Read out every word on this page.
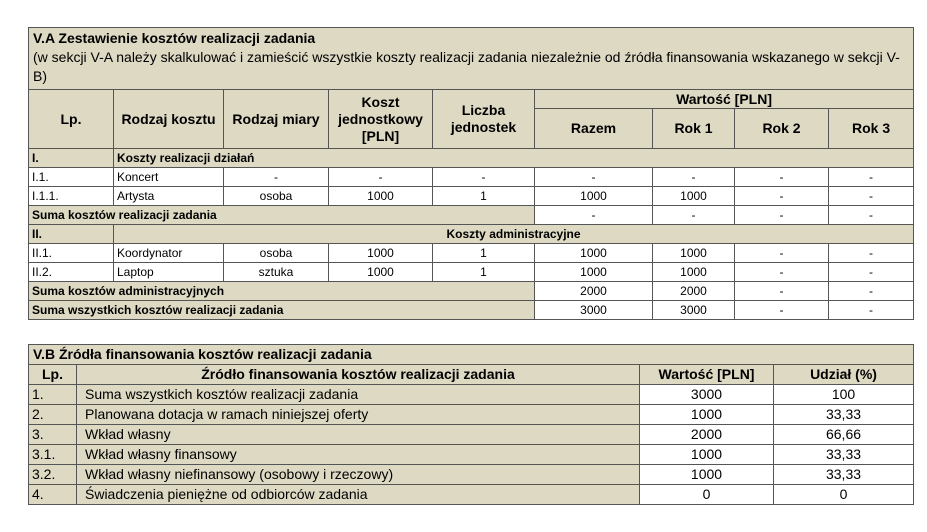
V.A Zestawienie kosztów realizacji zadania
(w sekcji V-A należy skalkulować i zamieścić wszystkie koszty realizacji zadania niezależnie od źródła finansowania wskazanego w sekcji V-B)								

Lp.	Rodzaj kosztu	Rodzaj miary	Koszt jednostkowy [PLN]	Liczba jednostek	Wartość [PLN]			
					Razem	Rok 1	Rok 2	Rok 3
I.	Koszty realizacji działań							
I.1.	Koncert	-	-	-	-	-	-	-
I.1.1.	Artysta	osoba	1000	1	1000	1000	-	-
Suma kosztów realizacji zadania					-	-	-	-
II.	Koszty administracyjne							
II.1.	Koordynator	osoba	1000	1	1000	1000	-	-
II.2.	Laptop	sztuka	1000	1	1000	1000	-	-
Suma kosztów administracyjnych					2000	2000	-	-
Suma wszystkich kosztów realizacji zadania					3000	3000	-	-
V.B Źródła finansowania kosztów realizacji zadania			
Lp.	Źródło finansowania kosztów realizacji zadania	Wartość [PLN]	Udział (%)
1.	Suma wszystkich kosztów realizacji zadania	3000	100
2.	Planowana dotacja w ramach niniejszej oferty	1000	33,33
3.	Wkład własny	2000	66,66
3.1.	Wkład własny finansowy	1000	33,33
3.2.	Wkład własny niefinansowy (osobowy i rzeczowy)	1000	33,33
4.	Świadczenia pieniężne od odbiorców zadania	0	0
